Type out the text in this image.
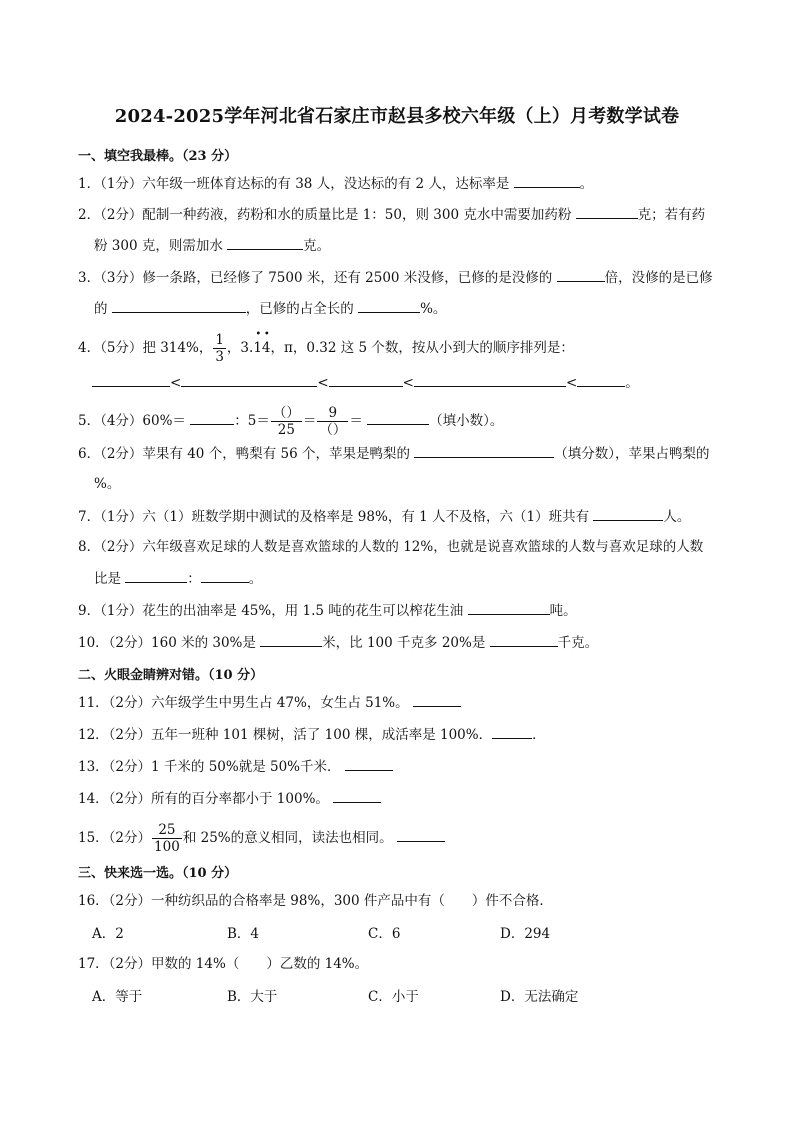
2024-2025学年河北省石家庄市赵县多校六年级（上）月考数学试卷
一、填空我最棒。（23 分）
1．（1分）六年级一班体育达标的有 38 人，没达标的有 2 人，达标率是	。
2．（2分）配制一种药液，药粉和水的质量比是 1：50，则 300 克水中需要加药粉	克；若有药
粉 300 克，则需加水	克。
3．（3分）修一条路，已经修了 7500 米，还有 2500 米没修，已修的是没修的	倍，没修的是已修
的	，已修的占全长的	%。
4．（5分）把 314%， $\frac{1}{3}$ ，3.
•
1
•
4，π，0.32 这 5 个数，按从小到大的顺序排列是：
<	<	<	<	。
5．（4分）60%＝	：$5= \frac{()}{25} = \frac{9}{()}$ ＝	（填小数）。
6．（2分）苹果有 40 个，鸭梨有 56 个，苹果是鸭梨的	（填分数），苹果占鸭梨的
%。
7．（1分）六（1）班数学期中测试的及格率是 98%，有 1 人不及格，六（1）班共有	人。
8．（2分）六年级喜欢足球的人数是喜欢篮球的人数的 12%，也就是说喜欢篮球的人数与喜欢足球的人数
比是	：	。
9．（1分）花生的出油率是 45%，用 1.5 吨的花生可以榨花生油	吨。
10．（2分）160 米的 30%是	米，比 100 千克多 20%是	千克。
二、火眼金睛辨对错。（10 分）
11．（2分）六年级学生中男生占 47%，女生占 51%。
12．（2分）五年一班种 101 棵树，活了 100 棵，成活率是 100%．	．
13．（2分）1 千米的 50%就是 50%千米．
14．（2分）所有的百分率都小于 100%。
15．（2分） $\frac{25}{100}$ 和 25%的意义相同，读法也相同。
三、快来选一选。（10 分）
16．（2分）一种纺织品的合格率是 98%，300 件产品中有（　　）件不合格．
A．2	B．4	C．6	D．294
17．（2分）甲数的 14%（　　）乙数的 14%。
A．等于	B．大于	C．小于	D．无法确定
